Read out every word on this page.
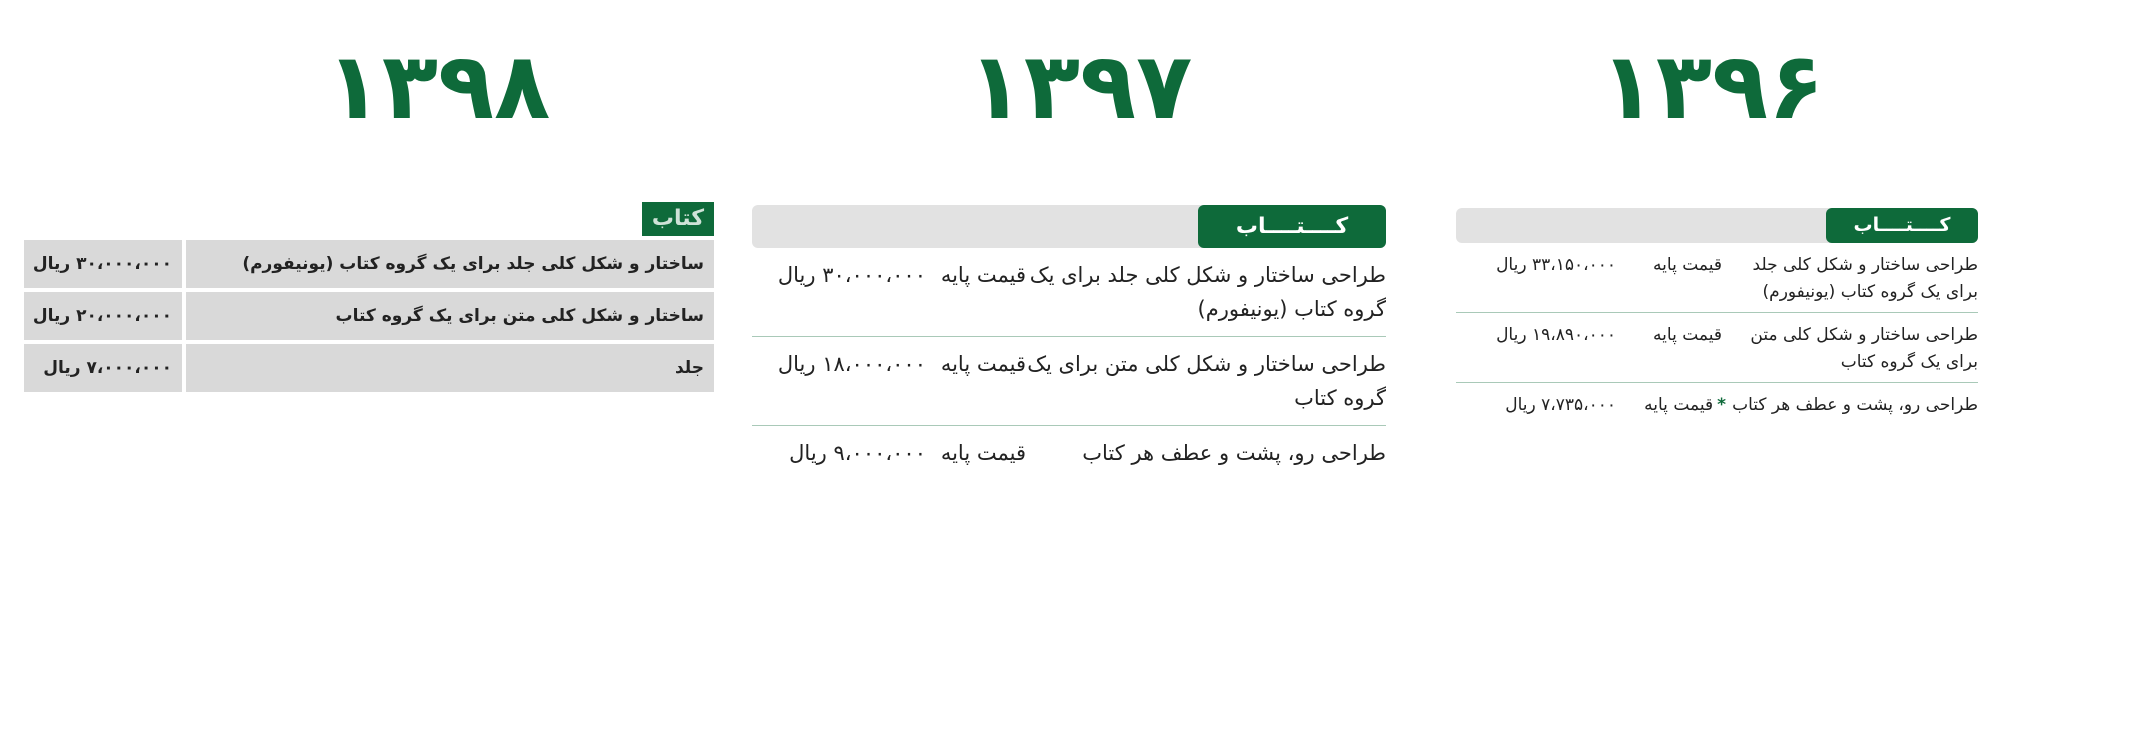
۱۳۹۸	۱۳۹۷	۱۳۹۶
کتاب
ساختار و شکل کلی جلد برای یک گروه کتاب (یونیفورم)
۳۰،۰۰۰،۰۰۰ ریال
ساختار و شکل کلی متن برای یک گروه کتاب
۲۰،۰۰۰،۰۰۰ ریال
جلد
۷،۰۰۰،۰۰۰ ریال
کــــتــــاب
طراحی ساختار و شکل کلی جلد برای یک گروه کتاب (یونیفورم)
قیمت پایه
۳۰،۰۰۰،۰۰۰ ریال
طراحی ساختار و شکل کلی متن برای یک گروه کتاب
قیمت پایه
۱۸،۰۰۰،۰۰۰ ریال
طراحی رو، پشت و عطف هر کتاب
قیمت پایه
۹،۰۰۰،۰۰۰ ریال
کــــتــــاب
طراحی ساختار و شکل کلی جلد برای یک گروه کتاب (یونیفورم)
قیمت پایه
۳۳،۱۵۰،۰۰۰ ریال
طراحی ساختار و شکل کلی متن برای یک گروه کتاب
قیمت پایه
۱۹،۸۹۰،۰۰۰ ریال
طراحی رو، پشت و عطف هر کتاب
*قیمت پایه
۷،۷۳۵،۰۰۰ ریال
